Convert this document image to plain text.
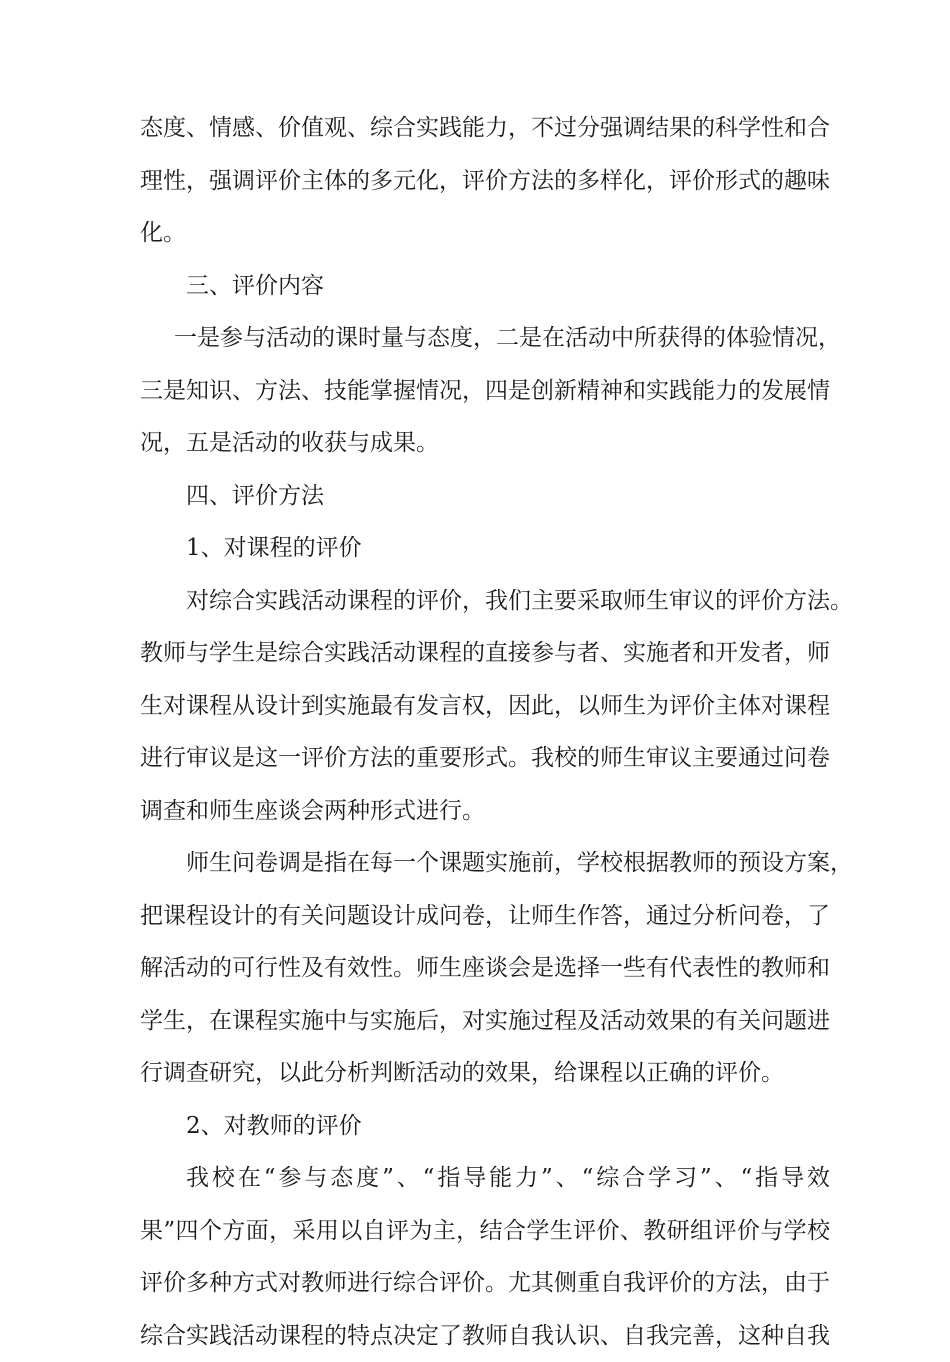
态度、情感、价值观、综合实践能力，不过分强调结果的科学性和合
理性，强调评价主体的多元化，评价方法的多样化，评价形式的趣味
化。
三、评价内容
一是参与活动的课时量与态度，二是在活动中所获得的体验情况，
三是知识、方法、技能掌握情况，四是创新精神和实践能力的发展情
况，五是活动的收获与成果。
四、评价方法
1、对课程的评价
对综合实践活动课程的评价，我们主要采取师生审议的评价方法。
教师与学生是综合实践活动课程的直接参与者、实施者和开发者，师
生对课程从设计到实施最有发言权，因此，以师生为评价主体对课程
进行审议是这一评价方法的重要形式。我校的师生审议主要通过问卷
调查和师生座谈会两种形式进行。
师生问卷调是指在每一个课题实施前，学校根据教师的预设方案，
把课程设计的有关问题设计成问卷，让师生作答，通过分析问卷，了
解活动的可行性及有效性。师生座谈会是选择一些有代表性的教师和
学生，在课程实施中与实施后，对实施过程及活动效果的有关问题进
行调查研究，以此分析判断活动的效果，给课程以正确的评价。
2、对教师的评价
我校在“参与态度”、“指导能力”、“综合学习”、“指导效
果”四个方面，采用以自评为主，结合学生评价、教研组评价与学校
评价多种方式对教师进行综合评价。尤其侧重自我评价的方法，由于
综合实践活动课程的特点决定了教师自我认识、自我完善，这种自我
